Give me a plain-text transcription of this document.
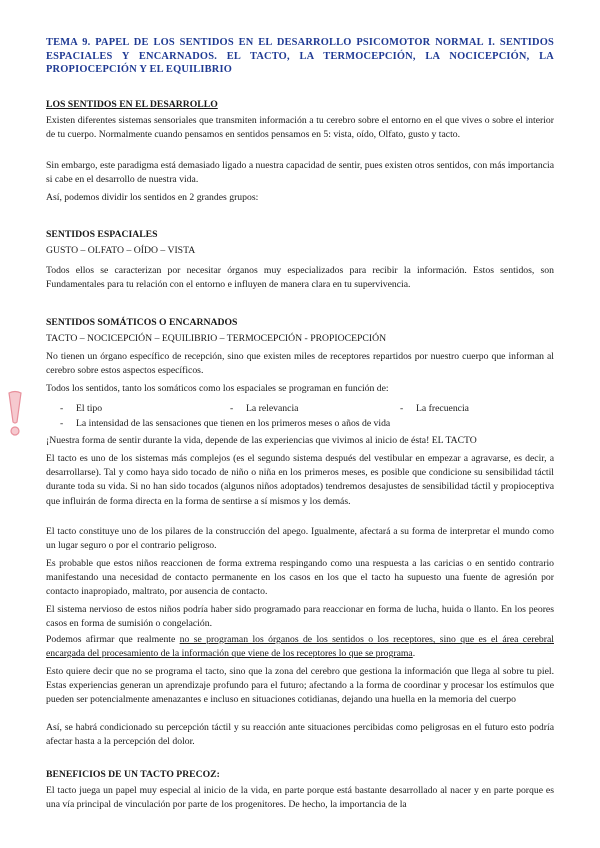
TEMA 9. PAPEL DE LOS SENTIDOS EN EL DESARROLLO PSICOMOTOR NORMAL I. SENTIDOS ESPACIALES Y ENCARNADOS. EL TACTO, LA TERMOCEPCIÓN, LA NOCICEPCIÓN, LA PROPIOCEPCIÓN Y EL EQUILIBRIO
LOS SENTIDOS EN EL DESARROLLO
Existen diferentes sistemas sensoriales que transmiten información a tu cerebro sobre el entorno en el que vives o sobre el interior de tu cuerpo. Normalmente cuando pensamos en sentidos pensamos en 5: vista, oído, Olfato, gusto y tacto.
Sin embargo, este paradigma está demasiado ligado a nuestra capacidad de sentir, pues existen otros sentidos, con más importancia si cabe en el desarrollo de nuestra vida.
Así, podemos dividir los sentidos en 2 grandes grupos:
SENTIDOS ESPACIALES
GUSTO – OLFATO – OÍDO – VISTA
Todos ellos se caracterizan por necesitar órganos muy especializados para recibir la información. Estos sentidos, son Fundamentales para tu relación con el entorno e influyen de manera clara en tu supervivencia.
SENTIDOS SOMÁTICOS O ENCARNADOS
TACTO – NOCICEPCIÓN – EQUILIBRIO – TERMOCEPCIÓN - PROPIOCEPCIÓN
No tienen un órgano específico de recepción, sino que existen miles de receptores repartidos por nuestro cuerpo que informan al cerebro sobre estos aspectos específicos.
Todos los sentidos, tanto los somáticos como los espaciales se programan en función de:
- El tipo	- La relevancia	- La frecuencia
- La intensidad de las sensaciones que tienen en los primeros meses o años de vida
¡Nuestra forma de sentir durante la vida, depende de las experiencias que vivimos al inicio de ésta! EL TACTO
El tacto es uno de los sistemas más complejos (es el segundo sistema después del vestibular en empezar a agravarse, es decir, a desarrollarse). Tal y como haya sido tocado de niño o niña en los primeros meses, es posible que condicione su sensibilidad táctil durante toda su vida. Si no han sido tocados (algunos niños adoptados) tendremos desajustes de sensibilidad táctil y propioceptiva que influirán de forma directa en la forma de sentirse a sí mismos y los demás.
El tacto constituye uno de los pilares de la construcción del apego. Igualmente, afectará a su forma de interpretar el mundo como un lugar seguro o por el contrario peligroso.
Es probable que estos niños reaccionen de forma extrema respingando como una respuesta a las caricias o en sentido contrario manifestando una necesidad de contacto permanente en los casos en los que el tacto ha supuesto una fuente de agresión por contacto inapropiado, maltrato, por ausencia de contacto.
El sistema nervioso de estos niños podría haber sido programado para reaccionar en forma de lucha, huida o llanto. En los peores casos en forma de sumisión o congelación.
Podemos afirmar que realmente no se programan los órganos de los sentidos o los receptores, sino que es el área cerebral encargada del procesamiento de la información que viene de los receptores lo que se programa.
Esto quiere decir que no se programa el tacto, sino que la zona del cerebro que gestiona la información que llega al sobre tu piel. Estas experiencias generan un aprendizaje profundo para el futuro; afectando a la forma de coordinar y procesar los estímulos que pueden ser potencialmente amenazantes e incluso en situaciones cotidianas, dejando una huella en la memoria del cuerpo
Así, se habrá condicionado su percepción táctil y su reacción ante situaciones percibidas como peligrosas en el futuro esto podría afectar hasta a la percepción del dolor.
BENEFICIOS DE UN TACTO PRECOZ:
El tacto juega un papel muy especial al inicio de la vida, en parte porque está bastante desarrollado al nacer y en parte porque es una vía principal de vinculación por parte de los progenitores. De hecho, la importancia de la
